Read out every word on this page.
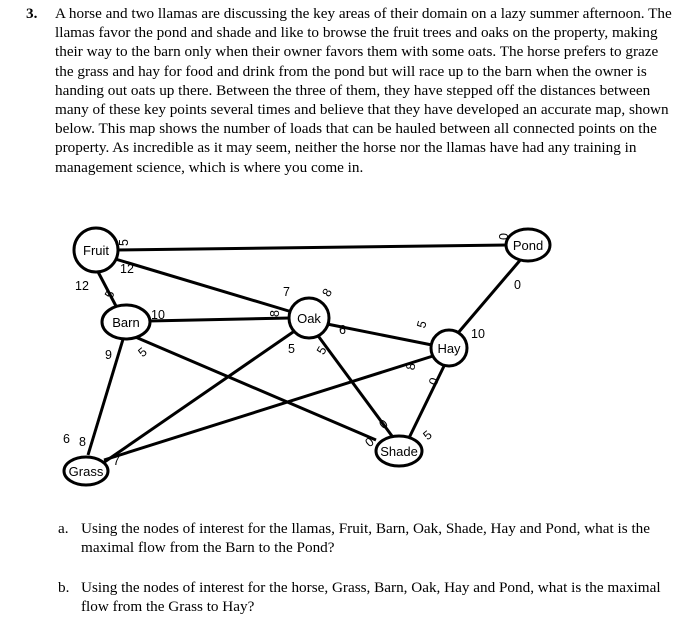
3. A horse and two llamas are discussing the key areas of their domain on a lazy summer afternoon. The llamas favor the pond and shade and like to browse the fruit trees and oaks on the property, making their way to the barn only when their owner favors them with some oats. The horse prefers to graze the grass and hay for food and drink from the pond but will race up to the barn when the owner is handing out oats up there. Between the three of them, they have stepped off the distances between many of these key points several times and believe that they have developed an accurate map, shown below. This map shows the number of loads that can be hauled between all connected points on the property. As incredible as it may seem, neither the horse nor the llamas have had any training in management science, which is where you come in.
Fruit	Pond
Barn	Oak
Hay
Shade
Grass
5
0
12
8
12
5
10	8
7
6
9
7
5
0
5
0
6	5
10
0
0
5
8
8
5
a. Using the nodes of interest for the llamas, Fruit, Barn, Oak, Shade, Hay and Pond, what is the maximal flow from the Barn to the Pond?
b. Using the nodes of interest for the horse, Grass, Barn, Oak, Hay and Pond, what is the maximal flow from the Grass to Hay?
